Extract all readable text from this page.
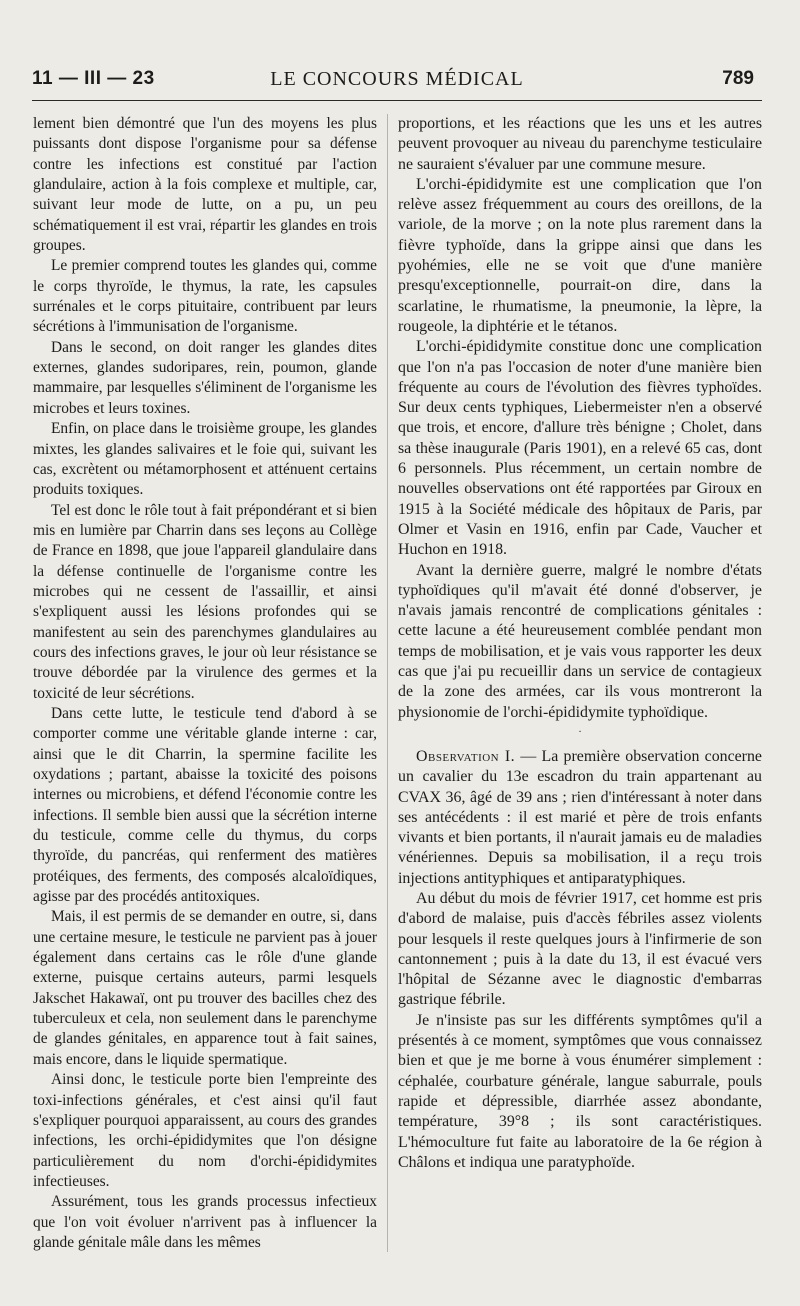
11 — III — 23	LE CONCOURS MÉDICAL	789

lement bien démontré que l'un des moyens les plus puissants dont dispose l'organisme pour sa défense contre les infections est constitué par l'action glandulaire, action à la fois complexe et multiple, car, suivant leur mode de lutte, on a pu, un peu schématiquement il est vrai, répartir les glandes en trois groupes.

Le premier comprend toutes les glandes qui, comme le corps thyroïde, le thymus, la rate, les capsules surrénales et le corps pituitaire, contribuent par leurs sécrétions à l'immunisation de l'organisme.

Dans le second, on doit ranger les glandes dites externes, glandes sudoripares, rein, poumon, glande mammaire, par lesquelles s'éliminent de l'organisme les microbes et leurs toxines.

Enfin, on place dans le troisième groupe, les glandes mixtes, les glandes salivaires et le foie qui, suivant les cas, excrètent ou métamorphosent et atténuent certains produits toxiques.

Tel est donc le rôle tout à fait prépondérant et si bien mis en lumière par Charrin dans ses leçons au Collège de France en 1898, que joue l'appareil glandulaire dans la défense continuelle de l'organisme contre les microbes qui ne cessent de l'assaillir, et ainsi s'expliquent aussi les lésions profondes qui se manifestent au sein des parenchymes glandulaires au cours des infections graves, le jour où leur résistance se trouve débordée par la virulence des germes et la toxicité de leur sécrétions.

Dans cette lutte, le testicule tend d'abord à se comporter comme une véritable glande interne : car, ainsi que le dit Charrin, la spermine facilite les oxydations ; partant, abaisse la toxicité des poisons internes ou microbiens, et défend l'économie contre les infections. Il semble bien aussi que la sécrétion interne du testicule, comme celle du thymus, du corps thyroïde, du pancréas, qui renferment des matières protéiques, des ferments, des composés alcaloïdiques, agisse par des procédés antitoxiques.

Mais, il est permis de se demander en outre, si, dans une certaine mesure, le testicule ne parvient pas à jouer également dans certains cas le rôle d'une glande externe, puisque certains auteurs, parmi lesquels Jakschet Hakawaï, ont pu trouver des bacilles chez des tuberculeux et cela, non seulement dans le parenchyme de glandes génitales, en apparence tout à fait saines, mais encore, dans le liquide spermatique.

Ainsi donc, le testicule porte bien l'empreinte des toxi-infections générales, et c'est ainsi qu'il faut s'expliquer pourquoi apparaissent, au cours des grandes infections, les orchi-épididymites que l'on désigne particulièrement du nom d'orchi-épididymites infectieuses.

Assurément, tous les grands processus infectieux que l'on voit évoluer n'arrivent pas à influencer la glande génitale mâle dans les mêmes

proportions, et les réactions que les uns et les autres peuvent provoquer au niveau du parenchyme testiculaire ne sauraient s'évaluer par une commune mesure.

L'orchi-épididymite est une complication que l'on relève assez fréquemment au cours des oreillons, de la variole, de la morve ; on la note plus rarement dans la fièvre typhoïde, dans la grippe ainsi que dans les pyohémies, elle ne se voit que d'une manière presqu'exceptionnelle, pourrait-on dire, dans la scarlatine, le rhumatisme, la pneumonie, la lèpre, la rougeole, la diphtérie et le tétanos.

L'orchi-épididymite constitue donc une complication que l'on n'a pas l'occasion de noter d'une manière bien fréquente au cours de l'évolution des fièvres typhoïdes. Sur deux cents typhiques, Liebermeister n'en a observé que trois, et encore, d'allure très bénigne ; Cholet, dans sa thèse inaugurale (Paris 1901), en a relevé 65 cas, dont 6 personnels. Plus récemment, un certain nombre de nouvelles observations ont été rapportées par Giroux en 1915 à la Société médicale des hôpitaux de Paris, par Olmer et Vasin en 1916, enfin par Cade, Vaucher et Huchon en 1918.

Avant la dernière guerre, malgré le nombre d'états typhoïdiques qu'il m'avait été donné d'observer, je n'avais jamais rencontré de complications génitales : cette lacune a été heureusement comblée pendant mon temps de mobilisation, et je vais vous rapporter les deux cas que j'ai pu recueillir dans un service de contagieux de la zone des armées, car ils vous montreront la physionomie de l'orchi-épididymite typhoïdique.

·

Observation I. — La première observation concerne un cavalier du 13e escadron du train appartenant au CVAX 36, âgé de 39 ans ; rien d'intéressant à noter dans ses antécédents : il est marié et père de trois enfants vivants et bien portants, il n'aurait jamais eu de maladies vénériennes. Depuis sa mobilisation, il a reçu trois injections antityphiques et antiparatyphiques.

Au début du mois de février 1917, cet homme est pris d'abord de malaise, puis d'accès fébriles assez violents pour lesquels il reste quelques jours à l'infirmerie de son cantonnement ; puis à la date du 13, il est évacué vers l'hôpital de Sézanne avec le diagnostic d'embarras gastrique fébrile.

Je n'insiste pas sur les différents symptômes qu'il a présentés à ce moment, symptômes que vous connaissez bien et que je me borne à vous énumérer simplement : céphalée, courbature générale, langue saburrale, pouls rapide et dépressible, diarrhée assez abondante, température, 39°8 ; ils sont caractéristiques. L'hémoculture fut faite au laboratoire de la 6e région à Châlons et indiqua une paratyphoïde.
